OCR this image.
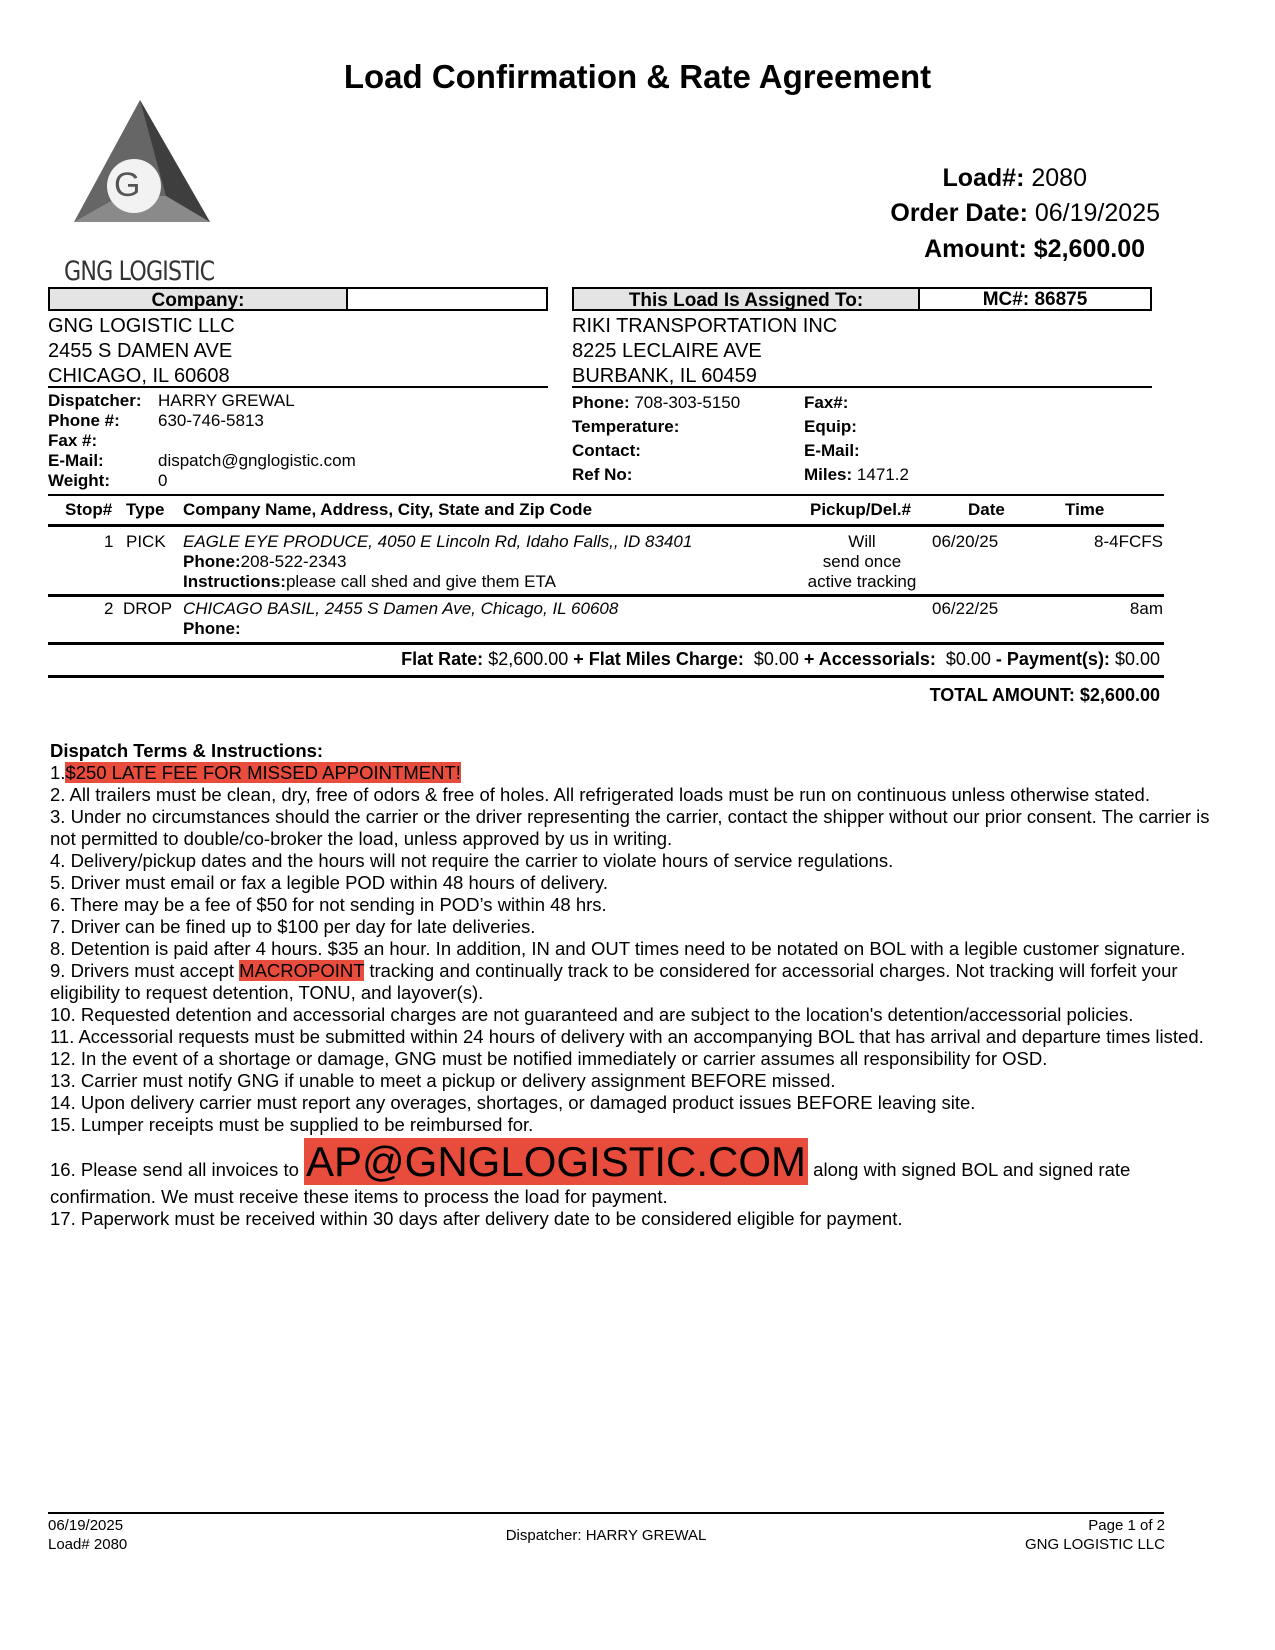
Load Confirmation & Rate Agreement
G
GNG LOGISTIC
Load#: 2080
Order Date: 06/19/2025
Amount: $2,600.00
Company:	This Load Is Assigned To:	MC#: 86875
GNG LOGISTIC LLC
2455 S DAMEN AVE
CHICAGO, IL 60608
RIKI TRANSPORTATION INC
8225 LECLAIRE AVE
BURBANK, IL 60459
Dispatcher: HARRY GREWAL
Phone #: 630-746-5813
Fax #:
E-Mail:	dispatch@gnglogistic.com
Weight:	0
Phone: 708-303-5150
Temperature:
Contact:
Ref No:
Fax#:
Equip:
E-Mail:
Miles: 1471.2
Stop# Type Company Name, Address, City, State and Zip Code	Pickup/Del.#	Date	Time
1 PICK EAGLE EYE PRODUCE, 4050 E Lincoln Rd, Idaho Falls,, ID 83401
Phone:208-522-2343
Instructions:please call shed and give them ETA
Will
send once
active tracking
06/20/25	8-4FCFS
2 DROP CHICAGO BASIL, 2455 S Damen Ave, Chicago, IL 60608
Phone:
06/22/25	8am
Flat Rate: $2,600.00 + Flat Miles Charge: $0.00 + Accessorials: $0.00 - Payment(s): $0.00
TOTAL AMOUNT: $2,600.00
Dispatch Terms & Instructions:
1.$250 LATE FEE FOR MISSED APPOINTMENT!
2. All trailers must be clean, dry, free of odors & free of holes. All refrigerated loads must be run on continuous unless otherwise stated.
3. Under no circumstances should the carrier or the driver representing the carrier, contact the shipper without our prior consent. The carrier is not permitted to double/co-broker the load, unless approved by us in writing.
4. Delivery/pickup dates and the hours will not require the carrier to violate hours of service regulations.
5. Driver must email or fax a legible POD within 48 hours of delivery.
6. There may be a fee of $50 for not sending in POD’s within 48 hrs.
7. Driver can be fined up to $100 per day for late deliveries.
8. Detention is paid after 4 hours. $35 an hour. In addition, IN and OUT times need to be notated on BOL with a legible customer signature.
9. Drivers must accept MACROPOINT tracking and continually track to be considered for accessorial charges. Not tracking will forfeit your eligibility to request detention, TONU, and layover(s).
10. Requested detention and accessorial charges are not guaranteed and are subject to the location's detention/accessorial policies.
11. Accessorial requests must be submitted within 24 hours of delivery with an accompanying BOL that has arrival and departure times listed.
12. In the event of a shortage or damage, GNG must be notified immediately or carrier assumes all responsibility for OSD.
13. Carrier must notify GNG if unable to meet a pickup or delivery assignment BEFORE missed.
14. Upon delivery carrier must report any overages, shortages, or damaged product issues BEFORE leaving site.
15. Lumper receipts must be supplied to be reimbursed for.
16. Please send all invoices to AP@GNGLOGISTIC.COM along with signed BOL and signed rate confirmation. We must receive these items to process the load for payment.
17. Paperwork must be received within 30 days after delivery date to be considered eligible for payment.
06/19/2025
Load# 2080
Dispatcher: HARRY GREWAL
Page 1 of 2
GNG LOGISTIC LLC
